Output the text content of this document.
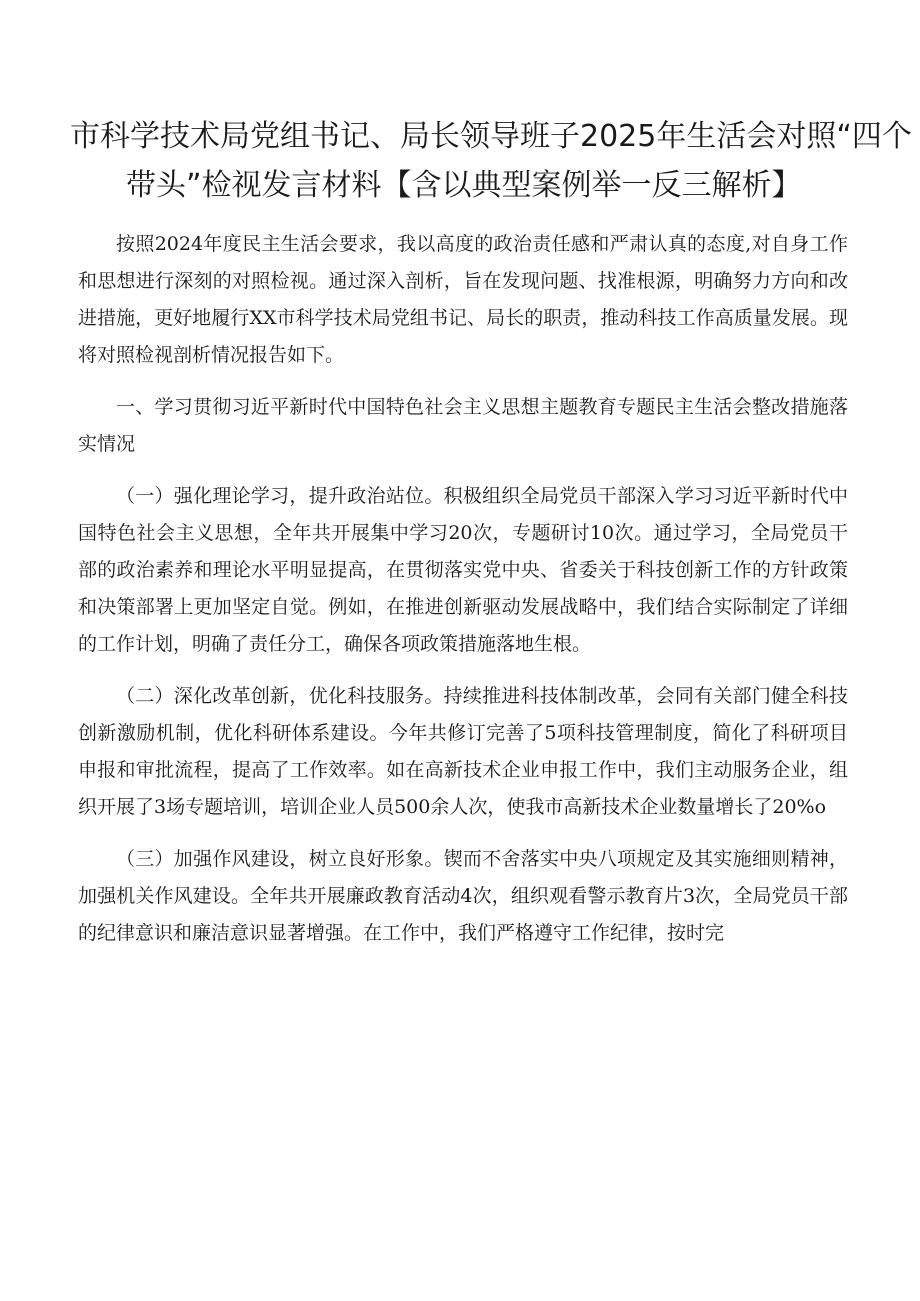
市科学技术局党组书记、局长领导班子2025年生活会对照“四个
带头”检视发言材料【含以典型案例举一反三解析】

按照2024年度民主生活会要求，我以高度的政治责任感和严肃认真的态度,对自身工作和思想进行深刻的对照检视。通过深入剖析，旨在发现问题、找准根源，明确努力方向和改进措施，更好地履行XX市科学技术局党组书记、局长的职责，推动科技工作高质量发展。现将对照检视剖析情况报告如下。

一、学习贯彻习近平新时代中国特色社会主义思想主题教育专题民主生活会整改措施落实情况

（一）强化理论学习，提升政治站位。积极组织全局党员干部深入学习习近平新时代中国特色社会主义思想，全年共开展集中学习20次，专题研讨10次。通过学习，全局党员干部的政治素养和理论水平明显提高，在贯彻落实党中央、省委关于科技创新工作的方针政策和决策部署上更加坚定自觉。例如，在推进创新驱动发展战略中，我们结合实际制定了详细的工作计划，明确了责任分工，确保各项政策措施落地生根。

（二）深化改革创新，优化科技服务。持续推进科技体制改革，会同有关部门健全科技创新激励机制，优化科研体系建设。今年共修订完善了5项科技管理制度，简化了科研项目申报和审批流程，提高了工作效率。如在高新技术企业申报工作中，我们主动服务企业，组织开展了3场专题培训，培训企业人员500余人次，使我市高新技术企业数量增长了20%o

（三）加强作风建设，树立良好形象。锲而不舍落实中央八项规定及其实施细则精神，加强机关作风建设。全年共开展廉政教育活动4次，组织观看警示教育片3次，全局党员干部的纪律意识和廉洁意识显著增强。在工作中，我们严格遵守工作纪律，按时完
